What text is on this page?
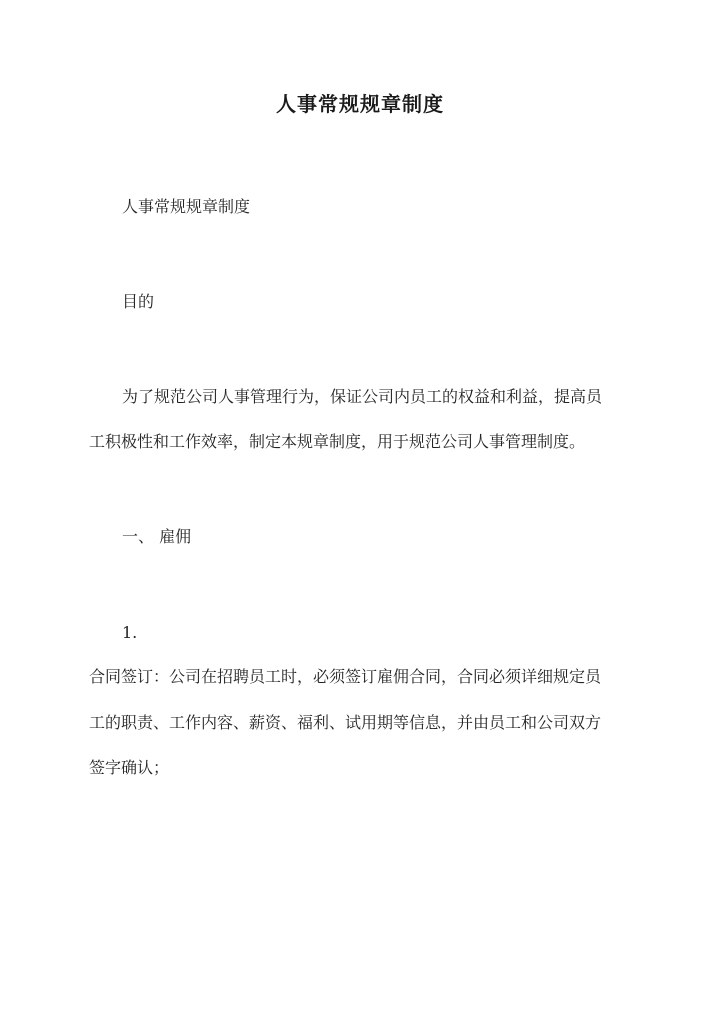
人事常规规章制度
人事常规规章制度
目的
为了规范公司人事管理行为，保证公司内员工的权益和利益，提高员
工积极性和工作效率，制定本规章制度，用于规范公司人事管理制度。
一、 雇佣
1.
合同签订：公司在招聘员工时，必须签订雇佣合同，合同必须详细规定员
工的职责、工作内容、薪资、福利、试用期等信息，并由员工和公司双方
签字确认；
